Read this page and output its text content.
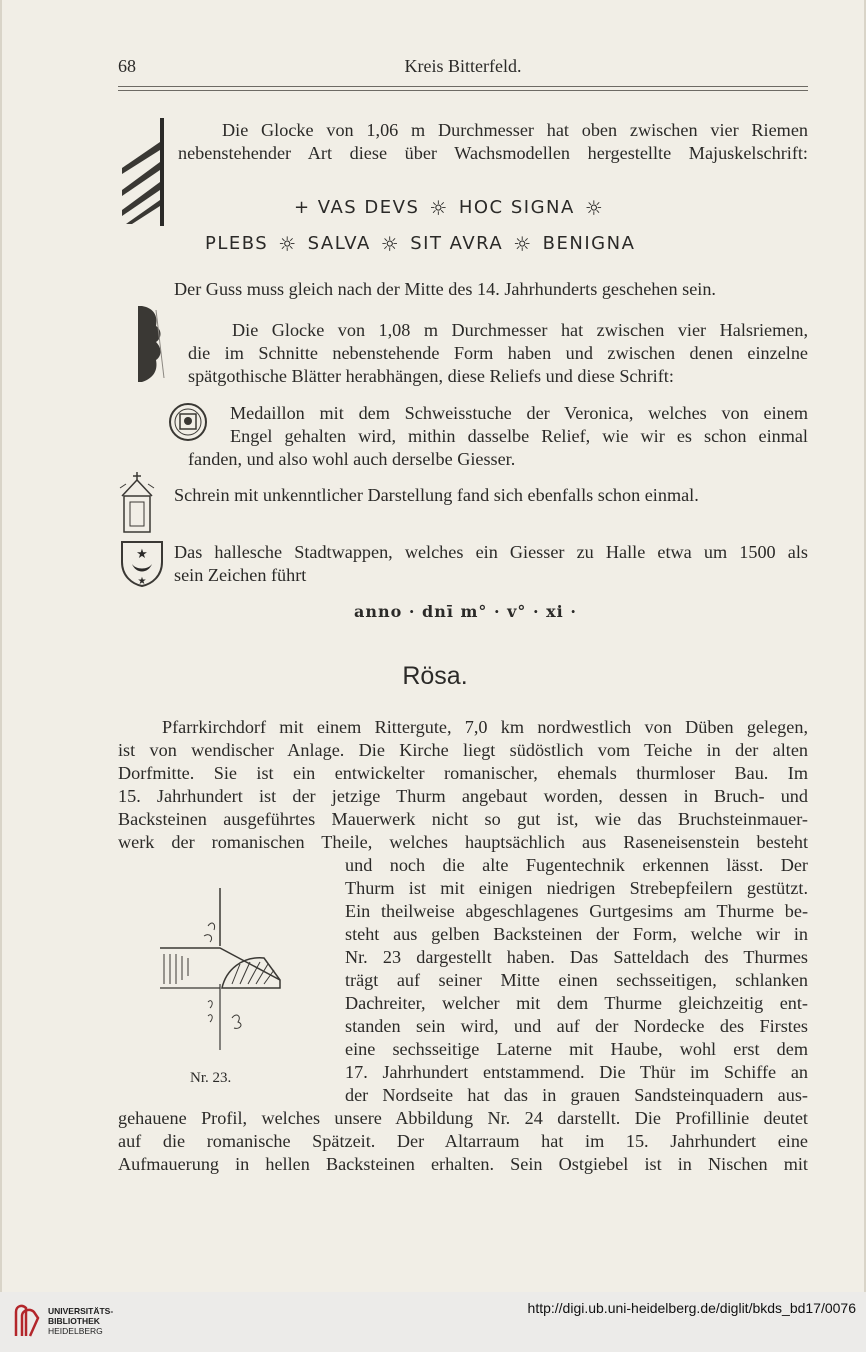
68	Kreis Bitterfeld.
Die Glocke von 1,06 m Durchmesser hat oben zwischen vier Riemen
nebenstehender Art diese über Wachsmodellen hergestellte Majuskelschrift:
+ VAS DEVS ☼ HOC SIGNA ☼
PLEBS ☼ SALVA ☼ SIT AVRA ☼ BENIGNA
Der Guss muss gleich nach der Mitte des 14. Jahrhunderts geschehen sein.
Die Glocke von 1,08 m Durchmesser hat zwischen vier Halsriemen,
die im Schnitte nebenstehende Form haben und zwischen denen einzelne
spätgothische Blätter herabhängen, diese Reliefs und diese Schrift:
Medaillon mit dem Schweisstuche der Veronica, welches von einem
Engel gehalten wird, mithin dasselbe Relief, wie wir es schon einmal
fanden, und also wohl auch derselbe Giesser.
Schrein mit unkenntlicher Darstellung fand sich ebenfalls schon einmal.
★
★
Das hallesche Stadtwappen, welches ein Giesser zu Halle etwa um 1500 als
sein Zeichen führt
anno · dnī m° · v° · xi ·
Rösa.
Pfarrkirchdorf mit einem Rittergute, 7,0 km nordwestlich von Düben gelegen,
ist von wendischer Anlage. Die Kirche liegt südöstlich vom Teiche in der alten
Dorfmitte. Sie ist ein entwickelter romanischer, ehemals thurmloser Bau. Im
15. Jahrhundert ist der jetzige Thurm angebaut worden, dessen in Bruch- und
Backsteinen ausgeführtes Mauerwerk nicht so gut ist, wie das Bruchsteinmauer-
werk der romanischen Theile, welches hauptsächlich aus Raseneisenstein besteht
und noch die alte Fugentechnik erkennen lässt. Der
Thurm ist mit einigen niedrigen Strebepfeilern gestützt.
Ein theilweise abgeschlagenes Gurtgesims am Thurme be-
steht aus gelben Backsteinen der Form, welche wir in
Nr. 23 dargestellt haben. Das Satteldach des Thurmes
trägt auf seiner Mitte einen sechsseitigen, schlanken
Dachreiter, welcher mit dem Thurme gleichzeitig ent-
standen sein wird, und auf der Nordecke des Firstes
eine sechsseitige Laterne mit Haube, wohl erst dem
17. Jahrhundert entstammend. Die Thür im Schiffe an
der Nordseite hat das in grauen Sandsteinquadern aus-
Nr. 23.
gehauene Profil, welches unsere Abbildung Nr. 24 darstellt. Die Profillinie deutet
auf die romanische Spätzeit. Der Altarraum hat im 15. Jahrhundert eine
Aufmauerung in hellen Backsteinen erhalten. Sein Ostgiebel ist in Nischen mit
UNIVERSITÄTS-
BIBLIOTHEK
HEIDELBERG
http://digi.ub.uni-heidelberg.de/diglit/bkds_bd17/0076
